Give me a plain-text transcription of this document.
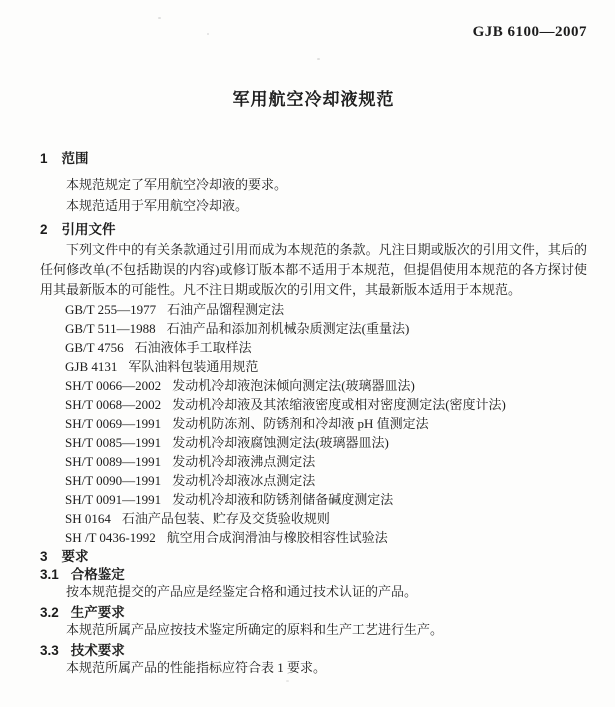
GJB 6100—2007
军用航空冷却液规范
1 范围

本规范规定了军用航空冷却液的要求。

本规范适用于军用航空冷却液。

2 引用文件

下列文件中的有关条款通过引用而成为本规范的条款。凡注日期或版次的引用文件，其后的任何修改单(不包括勘误的内容)或修订版本都不适用于本规范，但提倡使用本规范的各方探讨使用其最新版本的可能性。凡不注日期或版次的引用文件，其最新版本适用于本规范。

GB/T 255—1977 石油产品馏程测定法
GB/T 511—1988 石油产品和添加剂机械杂质测定法(重量法)
GB/T 4756 石油液体手工取样法
GJB 4131 军队油料包装通用规范
SH/T 0066—2002 发动机冷却液泡沫倾向测定法(玻璃器皿法)
SH/T 0068—2002 发动机冷却液及其浓缩液密度或相对密度测定法(密度计法)
SH/T 0069—1991 发动机防冻剂、防锈剂和冷却液 pH 值测定法
SH/T 0085—1991 发动机冷却液腐蚀测定法(玻璃器皿法)
SH/T 0089—1991 发动机冷却液沸点测定法
SH/T 0090—1991 发动机冷却液冰点测定法
SH/T 0091—1991 发动机冷却液和防锈剂储备碱度测定法
SH 0164 石油产品包装、贮存及交货验收规则
SH /T 0436-1992 航空用合成润滑油与橡胶相容性试验法
3 要求
3.1 合格鉴定

按本规范提交的产品应是经鉴定合格和通过技术认证的产品。

3.2 生产要求

本规范所属产品应按技术鉴定所确定的原料和生产工艺进行生产。

3.3 技术要求

本规范所属产品的性能指标应符合表 1 要求。
